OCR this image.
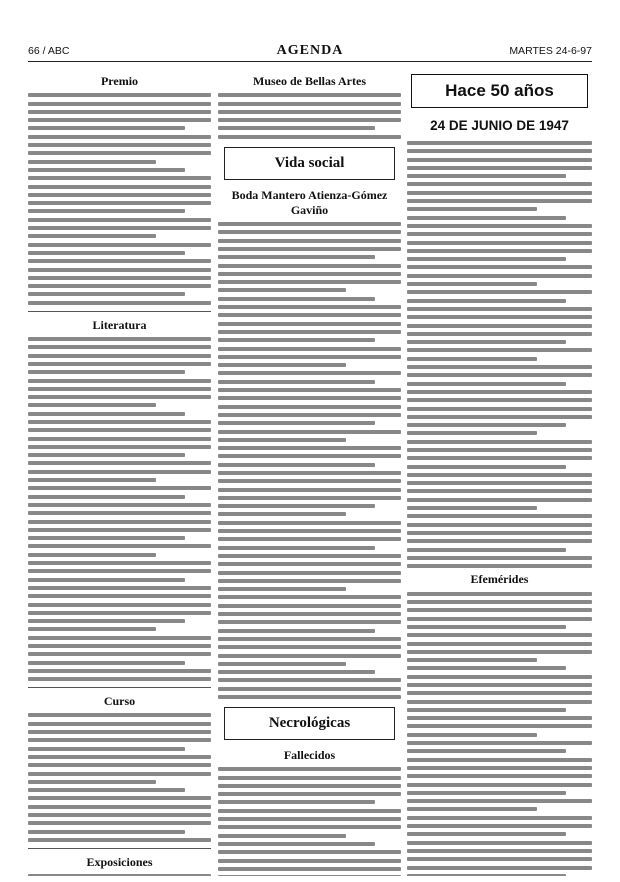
66 / ABC	AGENDA	MARTES 24-6-97
Premio
Literatura
Curso
Exposiciones
Museo de Bellas Artes
Vida social
Boda Mantero Atienza-Gómez Gaviño
Necrológicas
Fallecidos
Hace 50 años
24 DE JUNIO DE 1947
Efemérides
